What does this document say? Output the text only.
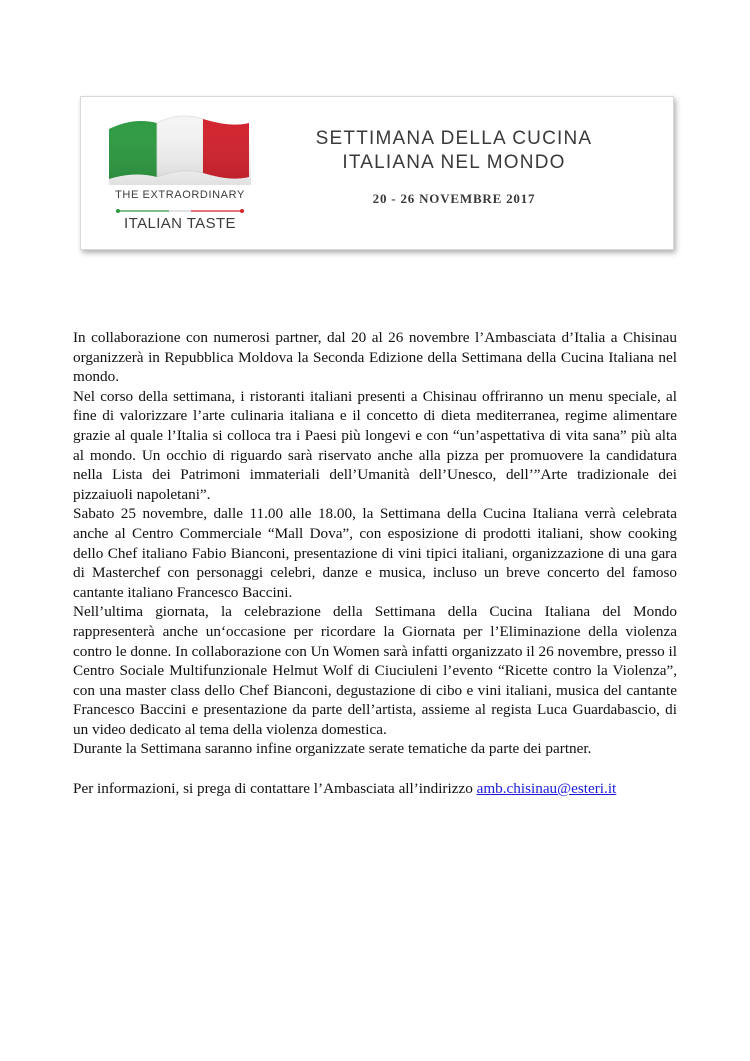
THE EXTRAORDINARY
ITALIAN TASTE
SETTIMANA DELLA CUCINA
ITALIANA NEL MONDO
20 - 26 NOVEMBRE 2017

In collaborazione con numerosi partner, dal 20 al 26 novembre l’Ambasciata d’Italia a Chisinau organizzerà in Repubblica Moldova la Seconda Edizione della Settimana della Cucina Italiana nel mondo.

Nel corso della settimana, i ristoranti italiani presenti a Chisinau offriranno un menu speciale, al fine di valorizzare l’arte culinaria italiana e il concetto di dieta mediterranea, regime alimentare grazie al quale l’Italia si colloca tra i Paesi più longevi e con “un’aspettativa di vita sana” più alta al mondo. Un occhio di riguardo sarà riservato anche alla pizza per promuovere la candidatura nella Lista dei Patrimoni immateriali dell’Umanità dell’Unesco, dell’”Arte tradizionale dei pizzaiuoli napoletani”.

Sabato 25 novembre, dalle 11.00 alle 18.00, la Settimana della Cucina Italiana verrà celebrata anche al Centro Commerciale “Mall Dova”, con esposizione di prodotti italiani, show cooking dello Chef italiano Fabio Bianconi, presentazione di vini tipici italiani, organizzazione di una gara di Masterchef con personaggi celebri, danze e musica, incluso un breve concerto del famoso cantante italiano Francesco Baccini.

Nell’ultima giornata, la celebrazione della Settimana della Cucina Italiana del Mondo rappresenterà anche un‘occasione per ricordare la Giornata per l’Eliminazione della violenza contro le donne. In collaborazione con Un Women sarà infatti organizzato il 26 novembre, presso il Centro Sociale Multifunzionale Helmut Wolf di Ciuciuleni l’evento “Ricette contro la Violenza”, con una master class dello Chef Bianconi, degustazione di cibo e vini italiani, musica del cantante Francesco Baccini e presentazione da parte dell’artista, assieme al regista Luca Guardabascio, di un video dedicato al tema della violenza domestica.

Durante la Settimana saranno infine organizzate serate tematiche da parte dei partner.

Per informazioni, si prega di contattare l’Ambasciata all’indirizzo amb.chisinau@esteri.it
